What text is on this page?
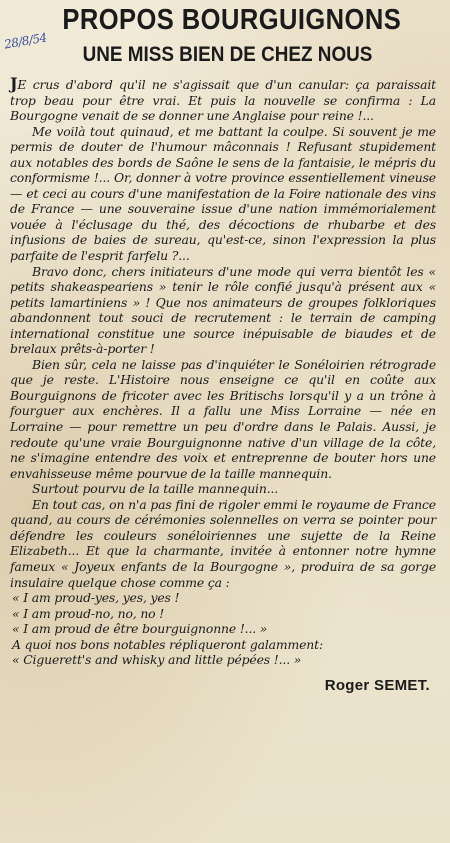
28/8/54
PROPOS BOURGUIGNONS
UNE MISS BIEN DE CHEZ NOUS

JE crus d'abord qu'il ne s'agissait que d'un canular: ça paraissait trop beau pour être vrai. Et puis la nouvelle se confirma : La Bourgogne venait de se donner une Anglaise pour reine !...

Me voilà tout quinaud, et me battant la coulpe. Si souvent je me permis de douter de l'humour mâconnais ! Refusant stupidement aux notables des bords de Saône le sens de la fantaisie, le mépris du conformisme !... Or, donner à votre province essentiellement vineuse — et ceci au cours d'une manifestation de la Foire nationale des vins de France — une souveraine issue d'une nation immémorialement vouée à l'éclusage du thé, des décoctions de rhubarbe et des infusions de baies de sureau, qu'est-ce, sinon l'expression la plus parfaite de l'esprit farfelu ?...

Bravo donc, chers initiateurs d'une mode qui verra bientôt les « petits shakeaspeariens » tenir le rôle confié jusqu'à présent aux « petits lamartiniens » ! Que nos animateurs de groupes folkloriques abandonnent tout souci de recrutement : le terrain de camping international constitue une source inépuisable de biaudes et de brelaux prêts-à-porter !

Bien sûr, cela ne laisse pas d'inquiéter le Sonéloirien rétrograde que je reste. L'Histoire nous enseigne ce qu'il en coûte aux Bourguignons de fricoter avec les Britischs lorsqu'il y a un trône à fourguer aux enchères. Il a fallu une Miss Lorraine — née en Lorraine — pour remettre un peu d'ordre dans le Palais. Aussi, je redoute qu'une vraie Bourguignonne native d'un village de la côte, ne s'imagine entendre des voix et entreprenne de bouter hors une envahisseuse même pourvue de la taille mannequin.

Surtout pourvu de la taille mannequin...

En tout cas, on n'a pas fini de rigoler emmi le royaume de France quand, au cours de cérémonies solennelles on verra se pointer pour défendre les couleurs sonéloiriennes une sujette de la Reine Elizabeth... Et que la charmante, invitée à entonner notre hymne fameux « Joyeux enfants de la Bourgogne », produira de sa gorge insulaire quelque chose comme ça :

« I am proud-yes, yes, yes !

« I am proud-no, no, no !

« I am proud de être bourguignonne !... »

A quoi nos bons notables répliqueront galamment:

« Ciguerett's and whisky and little pépées !... »

Roger SEMET.
